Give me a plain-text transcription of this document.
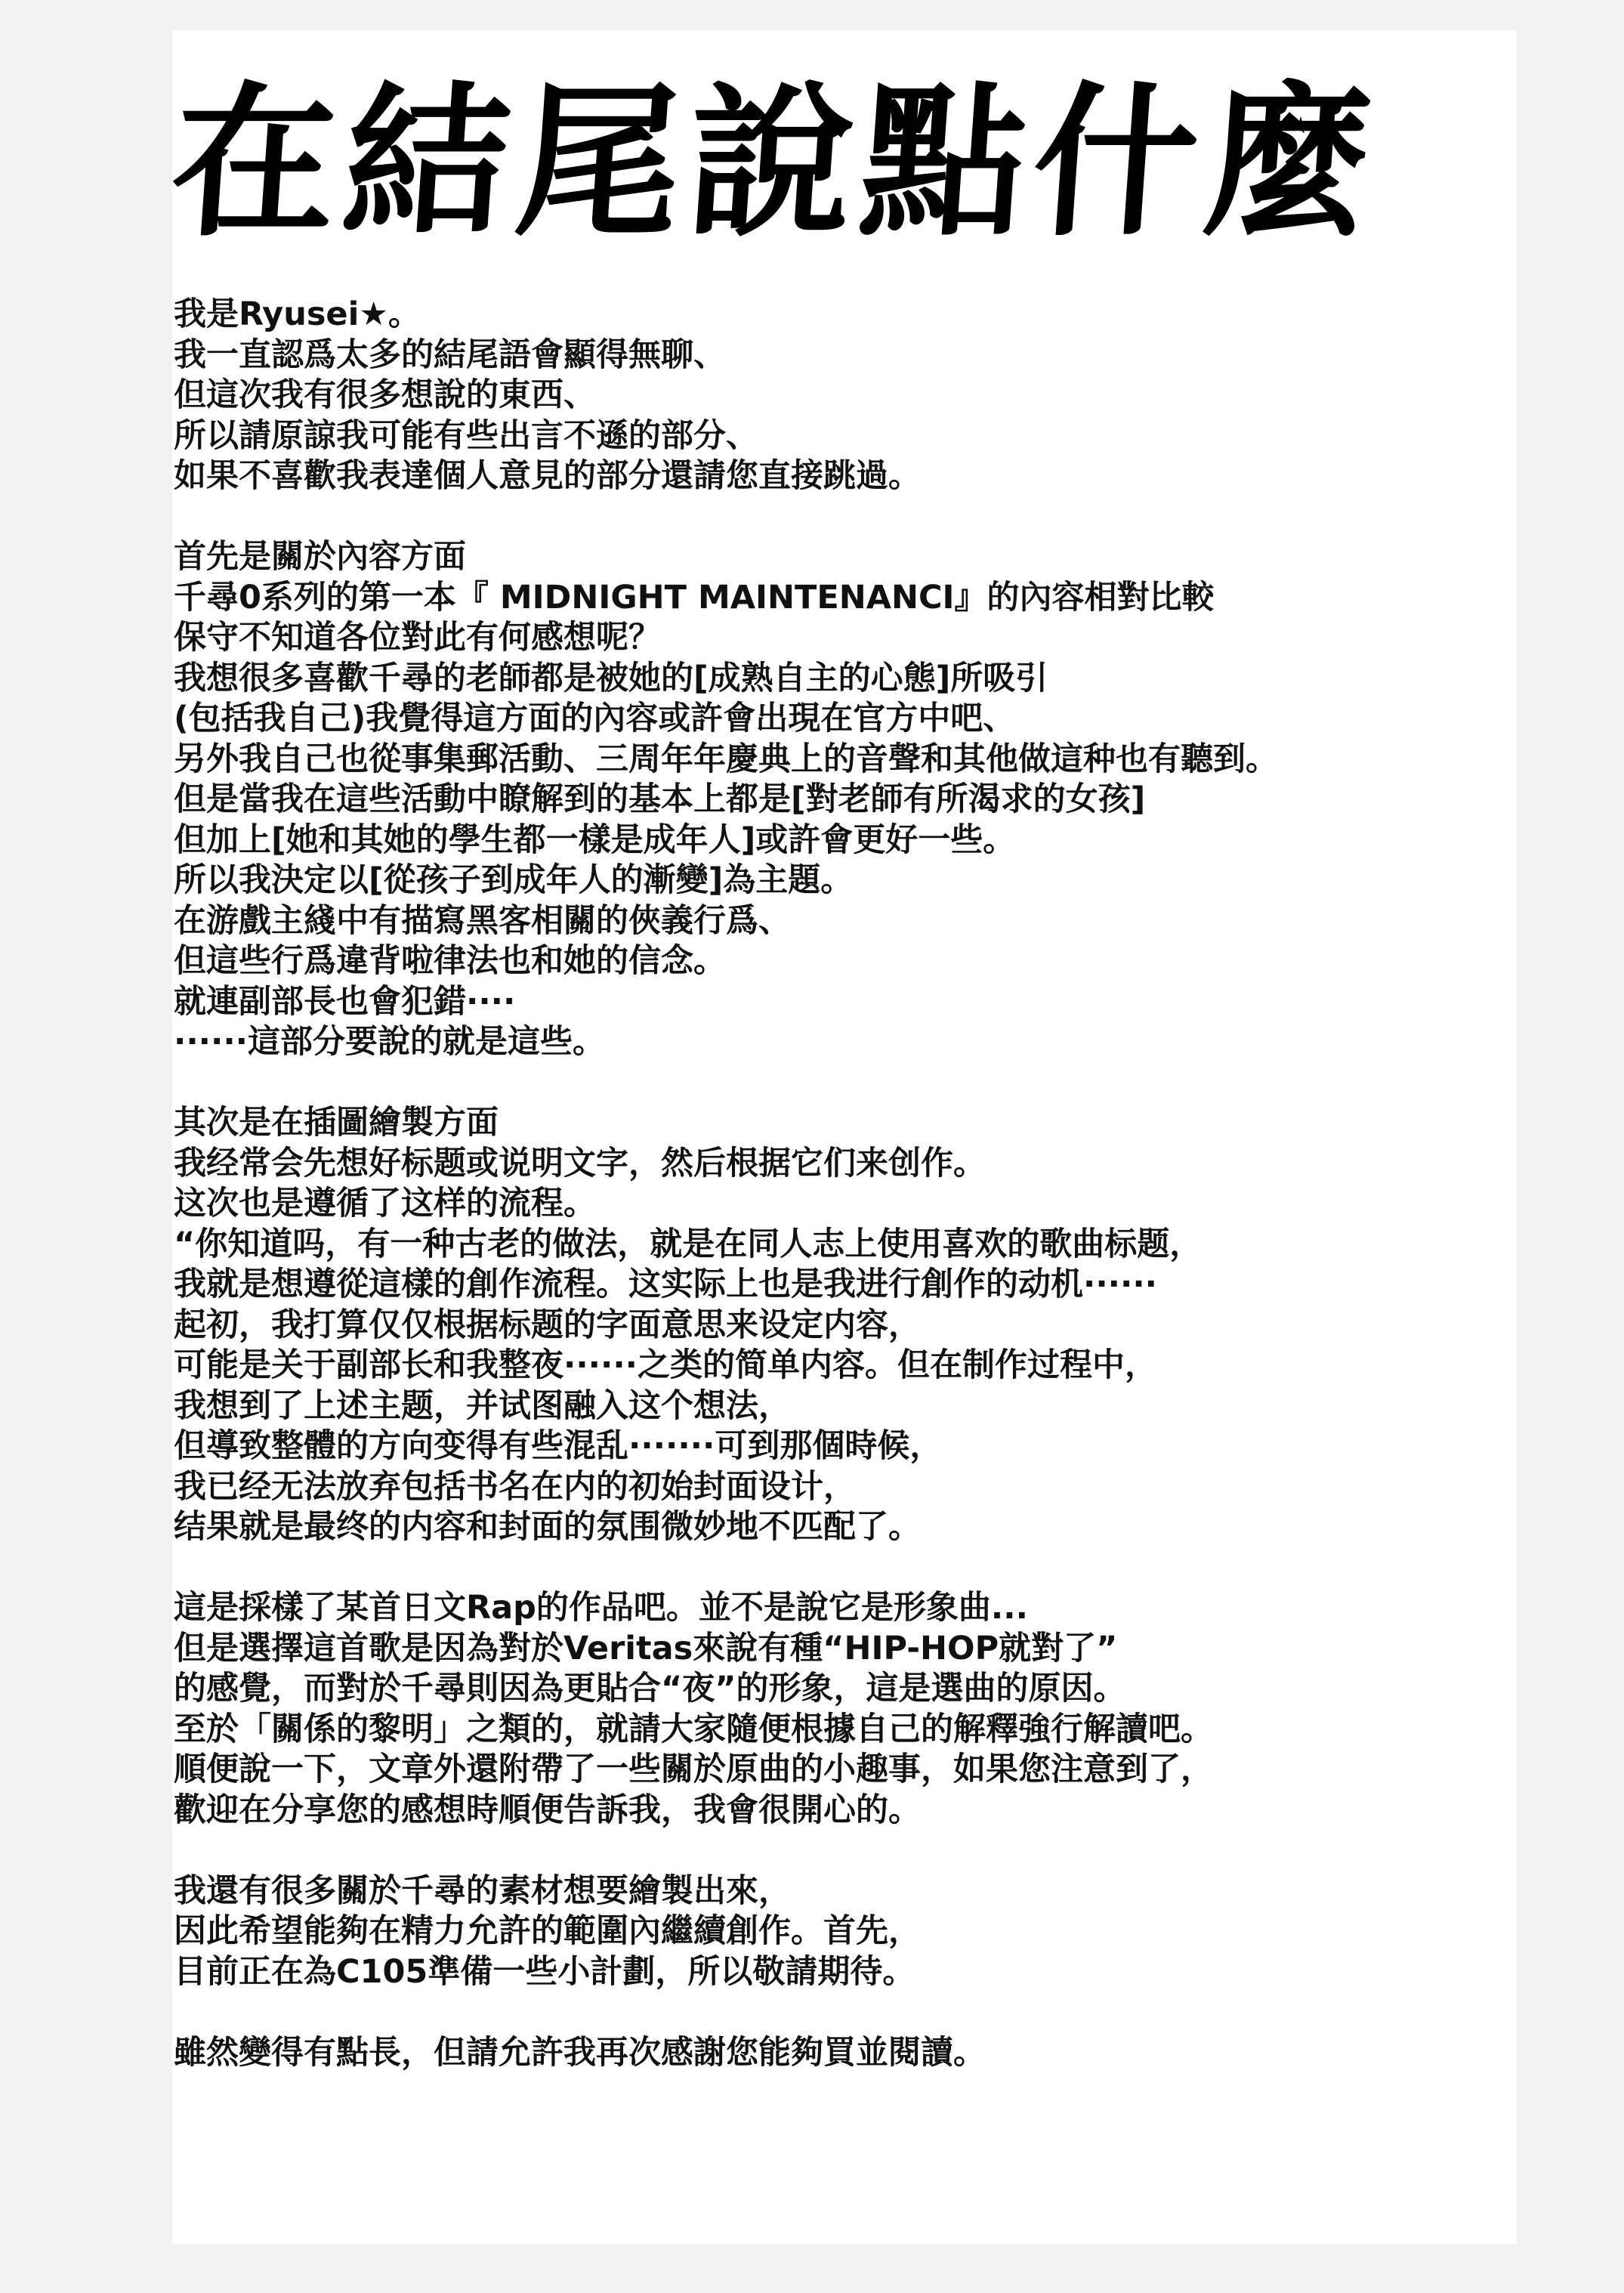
在結尾說點什麼
我是Ryusei★。
我一直認爲太多的結尾語會顯得無聊、
但這次我有很多想說的東西、
所以請原諒我可能有些出言不遜的部分、
如果不喜歡我表達個人意見的部分還請您直接跳過。
首先是關於內容方面
千尋0系列的第一本『 MIDNIGHT MAINTENANCI』的內容相對比較
保守不知道各位對此有何感想呢？
我想很多喜歡千尋的老師都是被她的[成熟自主的心態]所吸引
(包括我自己)我覺得這方面的內容或許會出現在官方中吧、
另外我自己也從事集郵活動、三周年年慶典上的音聲和其他做這种也有聽到。
但是當我在這些活動中瞭解到的基本上都是[對老師有所渴求的女孩]
但加上[她和其她的學生都一樣是成年人]或許會更好一些。
所以我決定以[從孩子到成年人的漸變]為主題。
在游戲主綫中有描寫黑客相關的俠義行爲、
但這些行爲違背啦律法也和她的信念。
就連副部長也會犯錯····
······這部分要說的就是這些。
其次是在插圖繪製方面
我经常会先想好标题或说明文字，然后根据它们来创作。
这次也是遵循了这样的流程。
“你知道吗，有一种古老的做法，就是在同人志上使用喜欢的歌曲标题，
我就是想遵從這樣的創作流程。这实际上也是我进行創作的动机······
起初，我打算仅仅根据标题的字面意思来设定内容，
可能是关于副部长和我整夜······之类的简单内容。但在制作过程中，
我想到了上述主题，并试图融入这个想法，
但導致整體的方向变得有些混乱·······可到那個時候，
我已经无法放弃包括书名在内的初始封面设计，
结果就是最终的内容和封面的氛围微妙地不匹配了。
這是採樣了某首日文Rap的作品吧。並不是說它是形象曲...
但是選擇這首歌是因為對於Veritas來說有種“HIP-HOP就對了”
的感覺，而對於千尋則因為更貼合“夜”的形象，這是選曲的原因。
至於「關係的黎明」之類的，就請大家隨便根據自己的解釋強行解讀吧。
順便說一下，文章外還附帶了一些關於原曲的小趣事，如果您注意到了，
歡迎在分享您的感想時順便告訴我，我會很開心的。
我還有很多關於千尋的素材想要繪製出來，
因此希望能夠在精力允許的範圍內繼續創作。首先，
目前正在為C105準備一些小計劃，所以敬請期待。
雖然變得有點長，但請允許我再次感謝您能夠買並閱讀。
